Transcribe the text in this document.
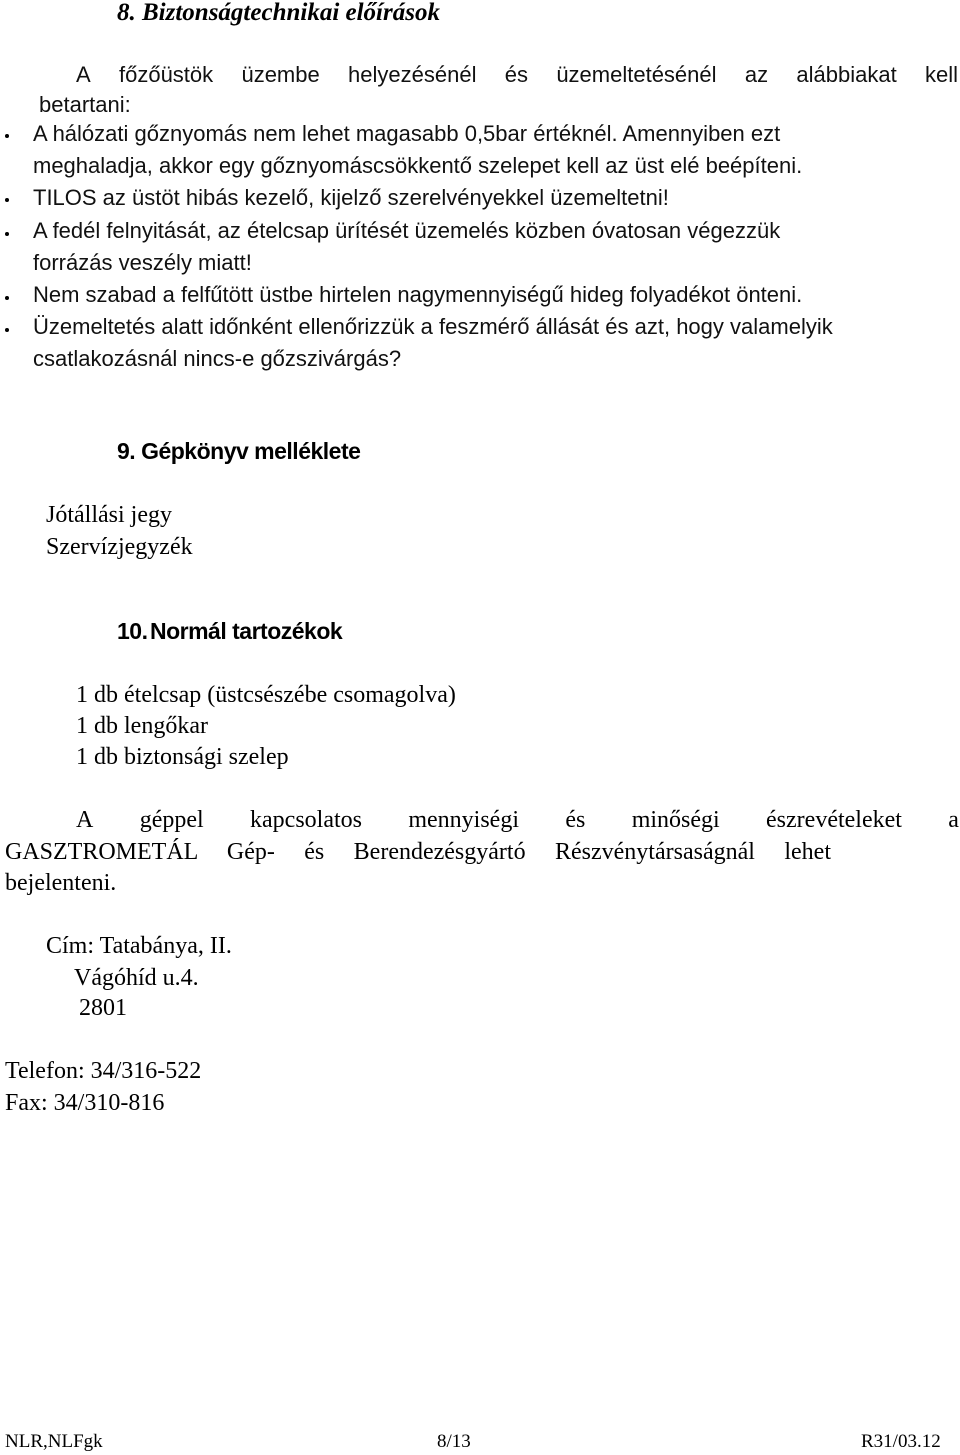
8. Biztonságtechnikai előírások
A főzőüstök üzembe helyezésénél és üzemeltetésénél az alábbiakat kell
betartani:
A hálózati gőznyomás nem lehet magasabb 0,5bar értéknél. Amennyiben ezt
meghaladja, akkor egy gőznyomáscsökkentő szelepet kell az üst elé beépíteni.
TILOS az üstöt hibás kezelő, kijelző szerelvényekkel üzemeltetni!
A fedél felnyitását, az ételcsap ürítését üzemelés közben óvatosan végezzük
forrázás veszély miatt!
Nem szabad a felfűtött üstbe hirtelen nagymennyiségű hideg folyadékot önteni.
Üzemeltetés alatt időnként ellenőrizzük a feszmérő állását és azt, hogy valamelyik
csatlakozásnál nincs-e gőzszivárgás?
9. Gépkönyv melléklete
Jótállási jegy
Szervízjegyzék
10. Normál tartozékok
1 db ételcsap (üstcsészébe csomagolva)
1 db lengőkar
1 db biztonsági szelep
A géppel kapcsolatos mennyiségi és minőségi észrevételeket a
GASZTROMETÁL Gép- és Berendezésgyártó Részvénytársaságnál lehet
bejelenteni.
Cím: Tatabánya, II.
Vágóhíd u.4.
2801
Telefon: 34/316-522
Fax: 34/310-816
NLR,NLFgk	8/13	R31/03.12
